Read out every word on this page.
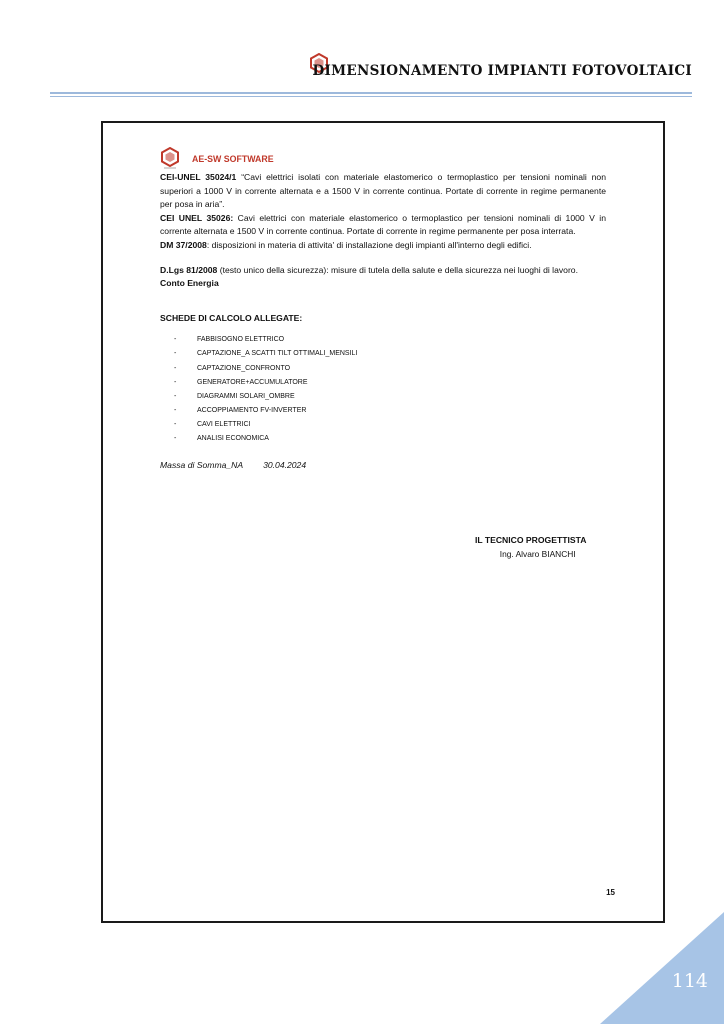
DIMENSIONAMENTO IMPIANTI FOTOVOLTAICI
AE-SW SOFTWARE

CEI-UNEL 35024/1 “Cavi elettrici isolati con materiale elastomerico o termoplastico per tensioni nominali non superiori a 1000 V in corrente alternata e a 1500 V in corrente continua. Portate di corrente in regime permanente per posa in aria”.

CEI UNEL 35026: Cavi elettrici con materiale elastomerico o termoplastico per tensioni nominali di 1000 V in corrente alternata e 1500 V in corrente continua. Portate di corrente in regime permanente per posa interrata.

DM 37/2008: disposizioni in materia di attivita' di installazione degli impianti all'interno degli edifici.

D.Lgs 81/2008 (testo unico della sicurezza): misure di tutela della salute e della sicurezza nei luoghi di lavoro.

Conto Energia

SCHEDE DI CALCOLO ALLEGATE:
-	FABBISOGNO ELETTRICO
-	CAPTAZIONE_A SCATTI TILT OTTIMALI_MENSILI
-	CAPTAZIONE_CONFRONTO
-	GENERATORE+ACCUMULATORE
-	DIAGRAMMI SOLARI_OMBRE
-	ACCOPPIAMENTO FV-INVERTER
-	CAVI ELETTRICI
-	ANALISI ECONOMICA
Massa di Somma_NA 30.04.2024
IL TECNICO PROGETTISTA
Ing. Alvaro BIANCHI
15
114
